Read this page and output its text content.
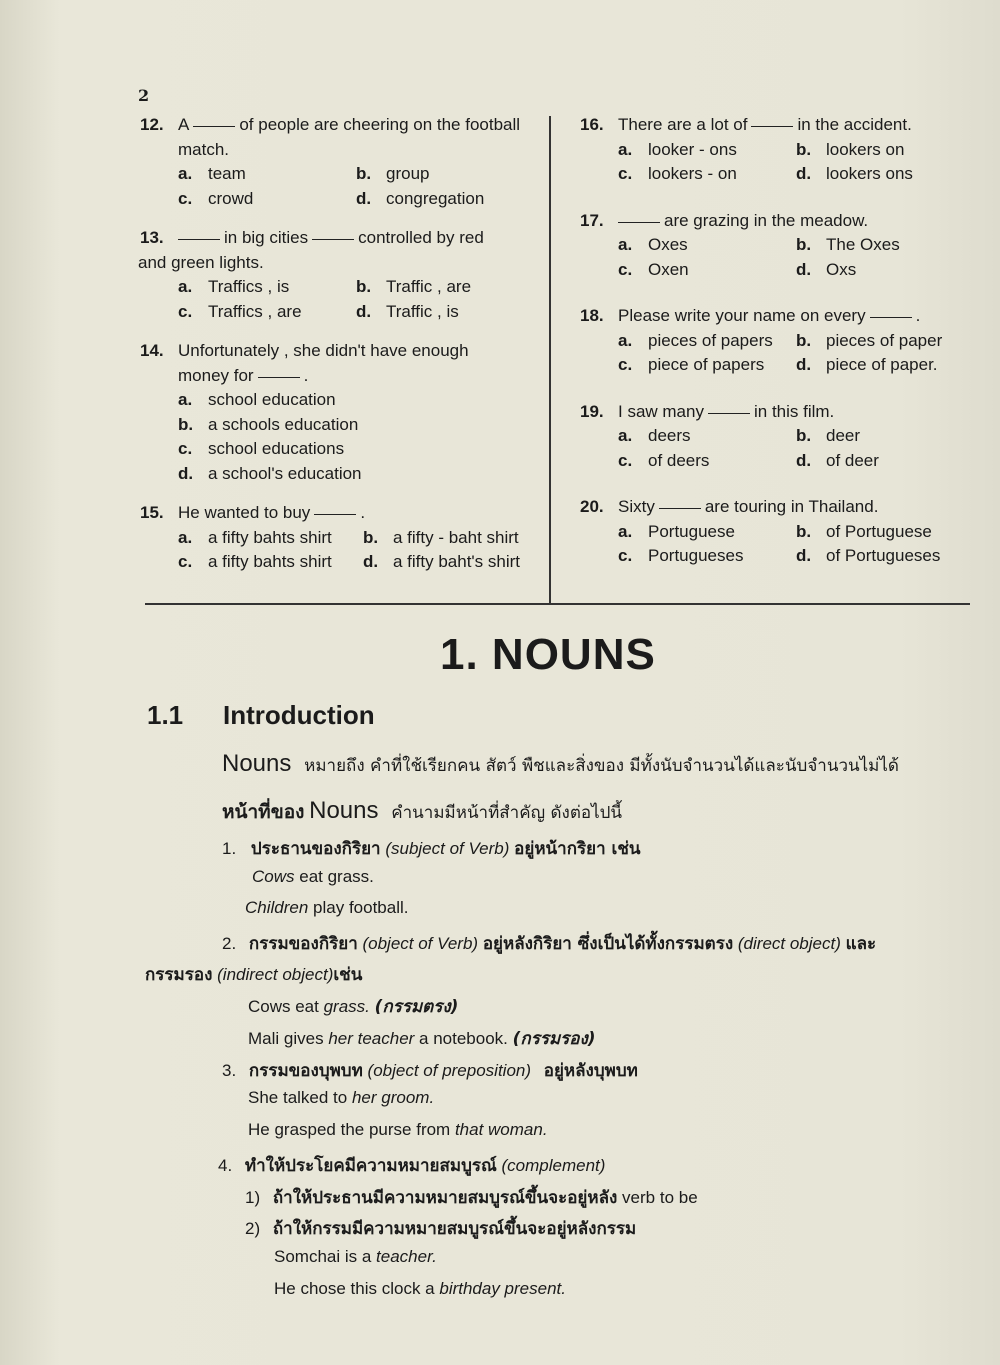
2
12. A	of people are cheering on the football
match.
a. team	b. group
c. crowd	d. congregation
13.	in big cities	controlled by red
and green lights.
a. Traffics , is	b. Traffic , are
c. Traffics , are	d. Traffic , is
14. Unfortunately , she didn't have enough
money for	.
a. school education
b. a schools education
c. school educations
d. a school's education
15. He wanted to buy	.
a. a fifty bahts shirt	b. a fifty - baht shirt
c. a fifty bahts shirt	d. a fifty baht's shirt
16. There are a lot of	in the accident.
a. looker - ons	b. lookers on
c. lookers - on	d. lookers ons
17.	are grazing in the meadow.
a. Oxes	b. The Oxes
c. Oxen	d. Oxs
18. Please write your name on every	.
a. pieces of papers	b. pieces of paper
c. piece of papers	d. piece of paper.
19. I saw many	in this film.
a. deers	b. deer
c. of deers	d. of deer
20. Sixty	are touring in Thailand.
a. Portuguese	b. of Portuguese
c. Portugueses	d. of Portugueses
1. NOUNS
1.1 Introduction
Nouns หมายถึง คำที่ใช้เรียกคน สัตว์ พืชและสิ่งของ มีทั้งนับจำนวนได้และนับจำนวนไม่ได้
หน้าที่ของ Nouns คำนามมีหน้าที่สำคัญ ดังต่อไปนี้
1. ประธานของกิริยา (subject of Verb) อยู่หน้ากริยา เช่น
Cows eat grass.
Children play football.
2. กรรมของกิริยา (object of Verb) อยู่หลังกิริยา ซึ่งเป็นได้ทั้งกรรมตรง (direct object) และ
กรรมรอง (indirect object)เช่น
Cows eat grass. (กรรมตรง)
Mali gives her teacher a notebook. (กรรมรอง)
3. กรรมของบุพบท (object of preposition) อยู่หลังบุพบท
She talked to her groom.
He grasped the purse from that woman.
4. ทำให้ประโยคมีความหมายสมบูรณ์ (complement)
1) ถ้าให้ประธานมีความหมายสมบูรณ์ขึ้นจะอยู่หลัง verb to be
2) ถ้าให้กรรมมีความหมายสมบูรณ์ขึ้นจะอยู่หลังกรรม
Somchai is a teacher.
He chose this clock a birthday present.
